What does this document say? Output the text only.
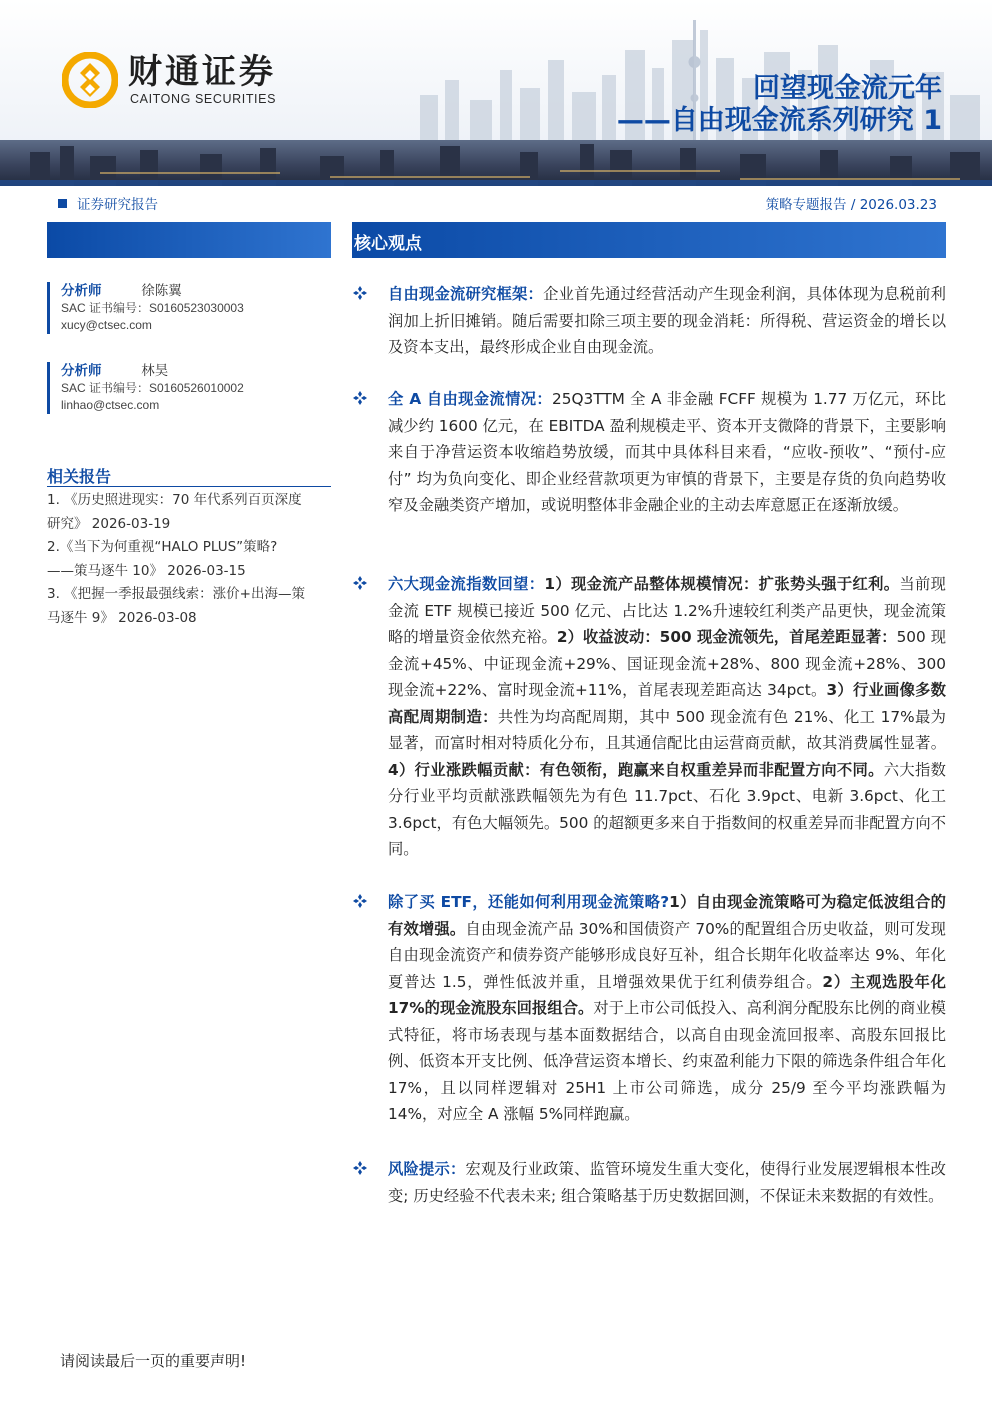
财通证券
CAITONG SECURITIES	回望现金流元年
——自由现金流系列研究 1
证券研究报告	策略专题报告 / 2026.03.23
分析师	徐陈翼
SAC 证书编号：S0160523030003
xucy@ctsec.com
分析师	林昊
SAC 证书编号：S0160526010002
linhao@ctsec.com
相关报告
1. 《历史照进现实：70 年代系列百页深度
研究》 2026-03-19
2.《当下为何重视“HALO PLUS”策略?
——策马逐牛 10》 2026-03-15
3. 《把握一季报最强线索：涨价+出海—策
马逐牛 9》 2026-03-08
核心观点
自由现金流研究框架：企业首先通过经营活动产生现金利润，具体体现为息税前利润加上折旧摊销。随后需要扣除三项主要的现金消耗：所得税、营运资金的增长以及资本支出，最终形成企业自由现金流。
全 A 自由现金流情况：25Q3TTM 全 A 非金融 FCFF 规模为 1.77 万亿元，环比减少约 1600 亿元，在 EBITDA 盈利规模走平、资本开支微降的背景下，主要影响来自于净营运资本收缩趋势放缓，而其中具体科目来看，“应收-预收”、“预付-应付” 均为负向变化、即企业经营款项更为审慎的背景下，主要是存货的负向趋势收窄及金融类资产增加，或说明整体非金融企业的主动去库意愿正在逐渐放缓。
六大现金流指数回望：1）现金流产品整体规模情况：扩张势头强于红利。当前现金流 ETF 规模已接近 500 亿元、占比达 1.2%升速较红利类产品更快，现金流策略的增量资金依然充裕。2）收益波动：500 现金流领先，首尾差距显著：500 现金流+45%、中证现金流+29%、国证现金流+28%、800 现金流+28%、300 现金流+22%、富时现金流+11%，首尾表现差距高达 34pct。3）行业画像多数高配周期制造：共性为均高配周期，其中 500 现金流有色 21%、化工 17%最为显著，而富时相对特质化分布，且其通信配比由运营商贡献，故其消费属性显著。4）行业涨跌幅贡献：有色领衔，跑赢来自权重差异而非配置方向不同。六大指数分行业平均贡献涨跌幅领先为有色 11.7pct、石化 3.9pct、电新 3.6pct、化工 3.6pct，有色大幅领先。500 的超额更多来自于指数间的权重差异而非配置方向不同。
除了买 ETF，还能如何利用现金流策略?1）自由现金流策略可为稳定低波组合的有效增强。自由现金流产品 30%和国债资产 70%的配置组合历史收益，则可发现自由现金流资产和债券资产能够形成良好互补，组合长期年化收益率达 9%、年化夏普达 1.5，弹性低波并重，且增强效果优于红利债券组合。2）主观选股年化 17%的现金流股东回报组合。对于上市公司低投入、高利润分配股东比例的商业模式特征，将市场表现与基本面数据结合，以高自由现金流回报率、高股东回报比例、低资本开支比例、低净营运资本增长、约束盈利能力下限的筛选条件组合年化 17%，且以同样逻辑对 25H1 上市公司筛选，成分 25/9 至今平均涨跌幅为 14%，对应全 A 涨幅 5%同样跑赢。
风险提示：宏观及行业政策、监管环境发生重大变化，使得行业发展逻辑根本性改变; 历史经验不代表未来; 组合策略基于历史数据回测，不保证未来数据的有效性。
请阅读最后一页的重要声明!
